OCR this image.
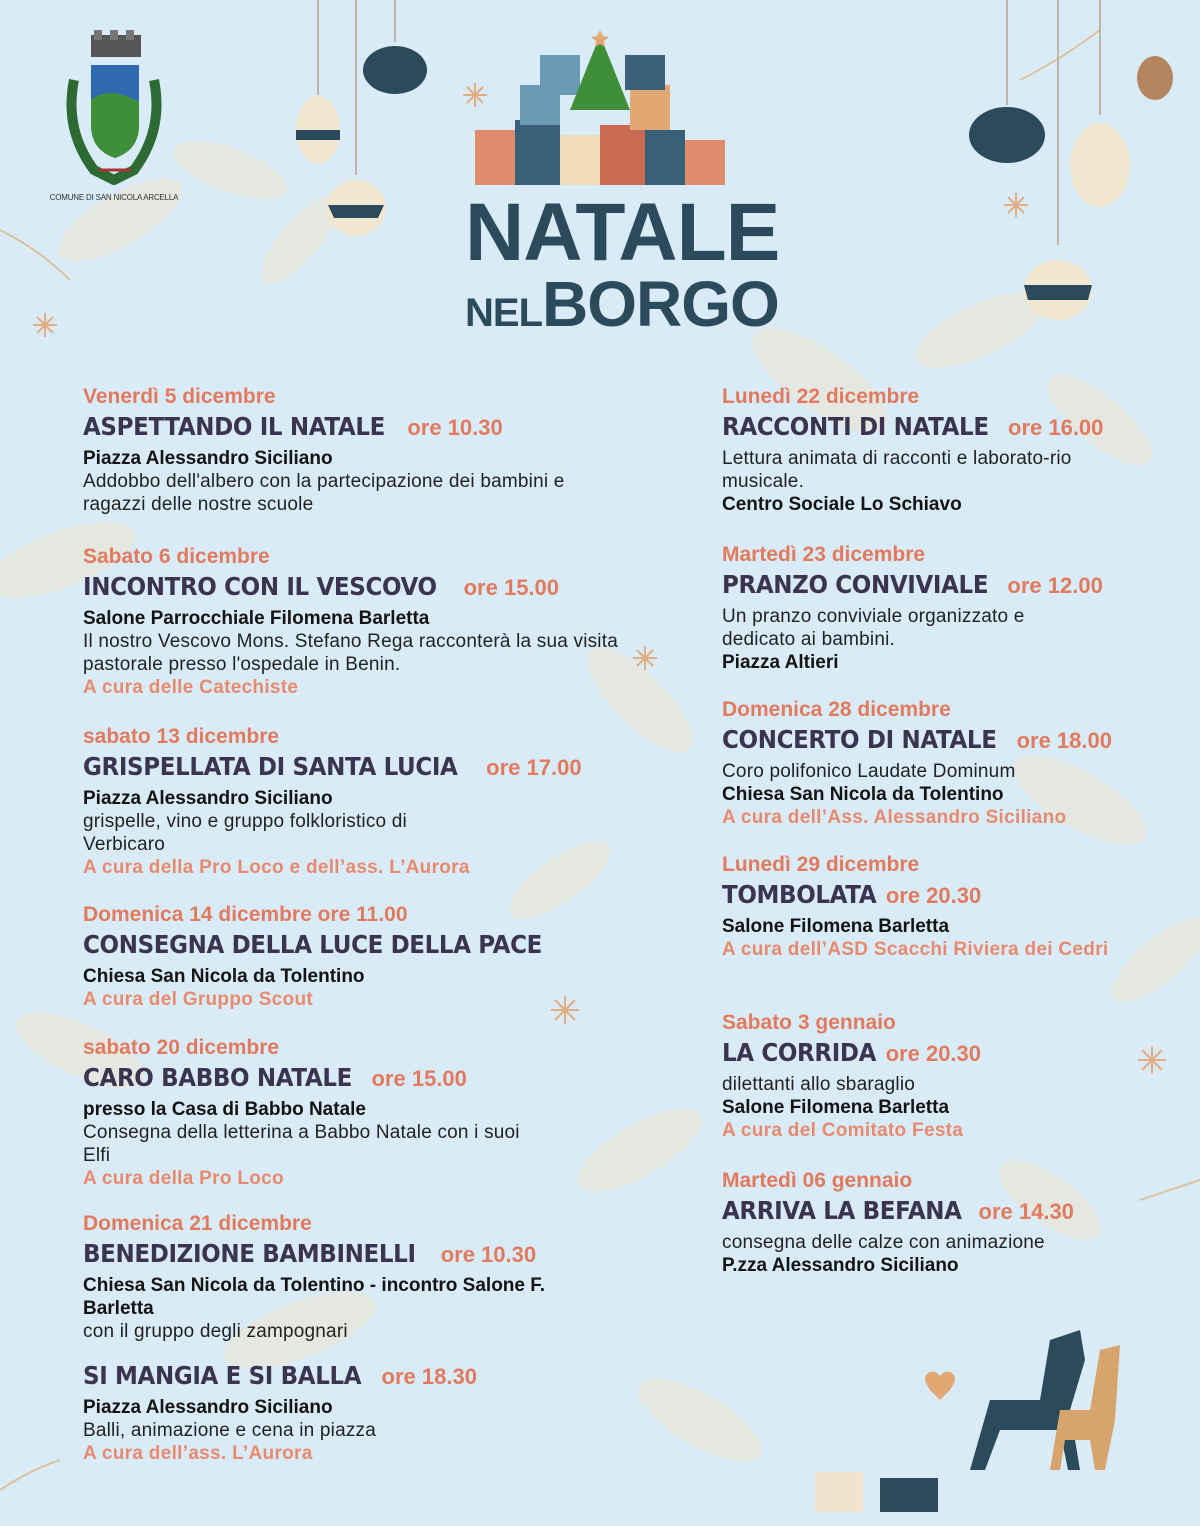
COMUNE DI SAN NICOLA ARCELLA	NATALE
NELBORGO
Venerdì 5 dicembre
ASPETTANDO IL NATALE ore 10.30
Piazza Alessandro Siciliano
Addobbo dell'albero con la partecipazione dei bambini e ragazzi delle nostre scuole
Sabato 6 dicembre
INCONTRO CON IL VESCOVO ore 15.00
Salone Parrocchiale Filomena Barletta
Il nostro Vescovo Mons. Stefano Rega racconterà la sua visita pastorale presso l'ospedale in Benin.
A cura delle Catechiste
sabato 13 dicembre
GRISPELLATA DI SANTA LUCIA ore 17.00
Piazza Alessandro Siciliano
grispelle, vino e gruppo folkloristico di Verbicaro
A cura della Pro Loco e dell’ass. L’Aurora
Domenica 14 dicembre ore 11.00
CONSEGNA DELLA LUCE DELLA PACE
Chiesa San Nicola da Tolentino
A cura del Gruppo Scout
sabato 20 dicembre
CARO BABBO NATALE ore 15.00
presso la Casa di Babbo Natale
Consegna della letterina a Babbo Natale con i suoi Elfi
A cura della Pro Loco
Domenica 21 dicembre
BENEDIZIONE BAMBINELLI ore 10.30
Chiesa San Nicola da Tolentino - incontro Salone F. Barletta
con il gruppo degli zampognari
SI MANGIA E SI BALLA ore 18.30
Piazza Alessandro Siciliano
Balli, animazione e cena in piazza
A cura dell’ass. L’Aurora
Lunedì 22 dicembre
RACCONTI DI NATALE ore 16.00
Lettura animata di racconti e laborato-rio musicale.
Centro Sociale Lo Schiavo
Martedì 23 dicembre
PRANZO CONVIVIALE ore 12.00
Un pranzo conviviale organizzato e dedicato ai bambini.
Piazza Altieri
Domenica 28 dicembre
CONCERTO DI NATALE ore 18.00
Coro polifonico Laudate Dominum
Chiesa San Nicola da Tolentino
A cura dell’Ass. Alessandro Siciliano
Lunedì 29 dicembre
TOMBOLATA ore 20.30
Salone Filomena Barletta
A cura dell’ASD Scacchi Riviera dei Cedri
Sabato 3 gennaio
LA CORRIDA ore 20.30
dilettanti allo sbaraglio
Salone Filomena Barletta
A cura del Comitato Festa
Martedì 06 gennaio
ARRIVA LA BEFANA ore 14.30
consegna delle calze con animazione
P.zza Alessandro Siciliano
